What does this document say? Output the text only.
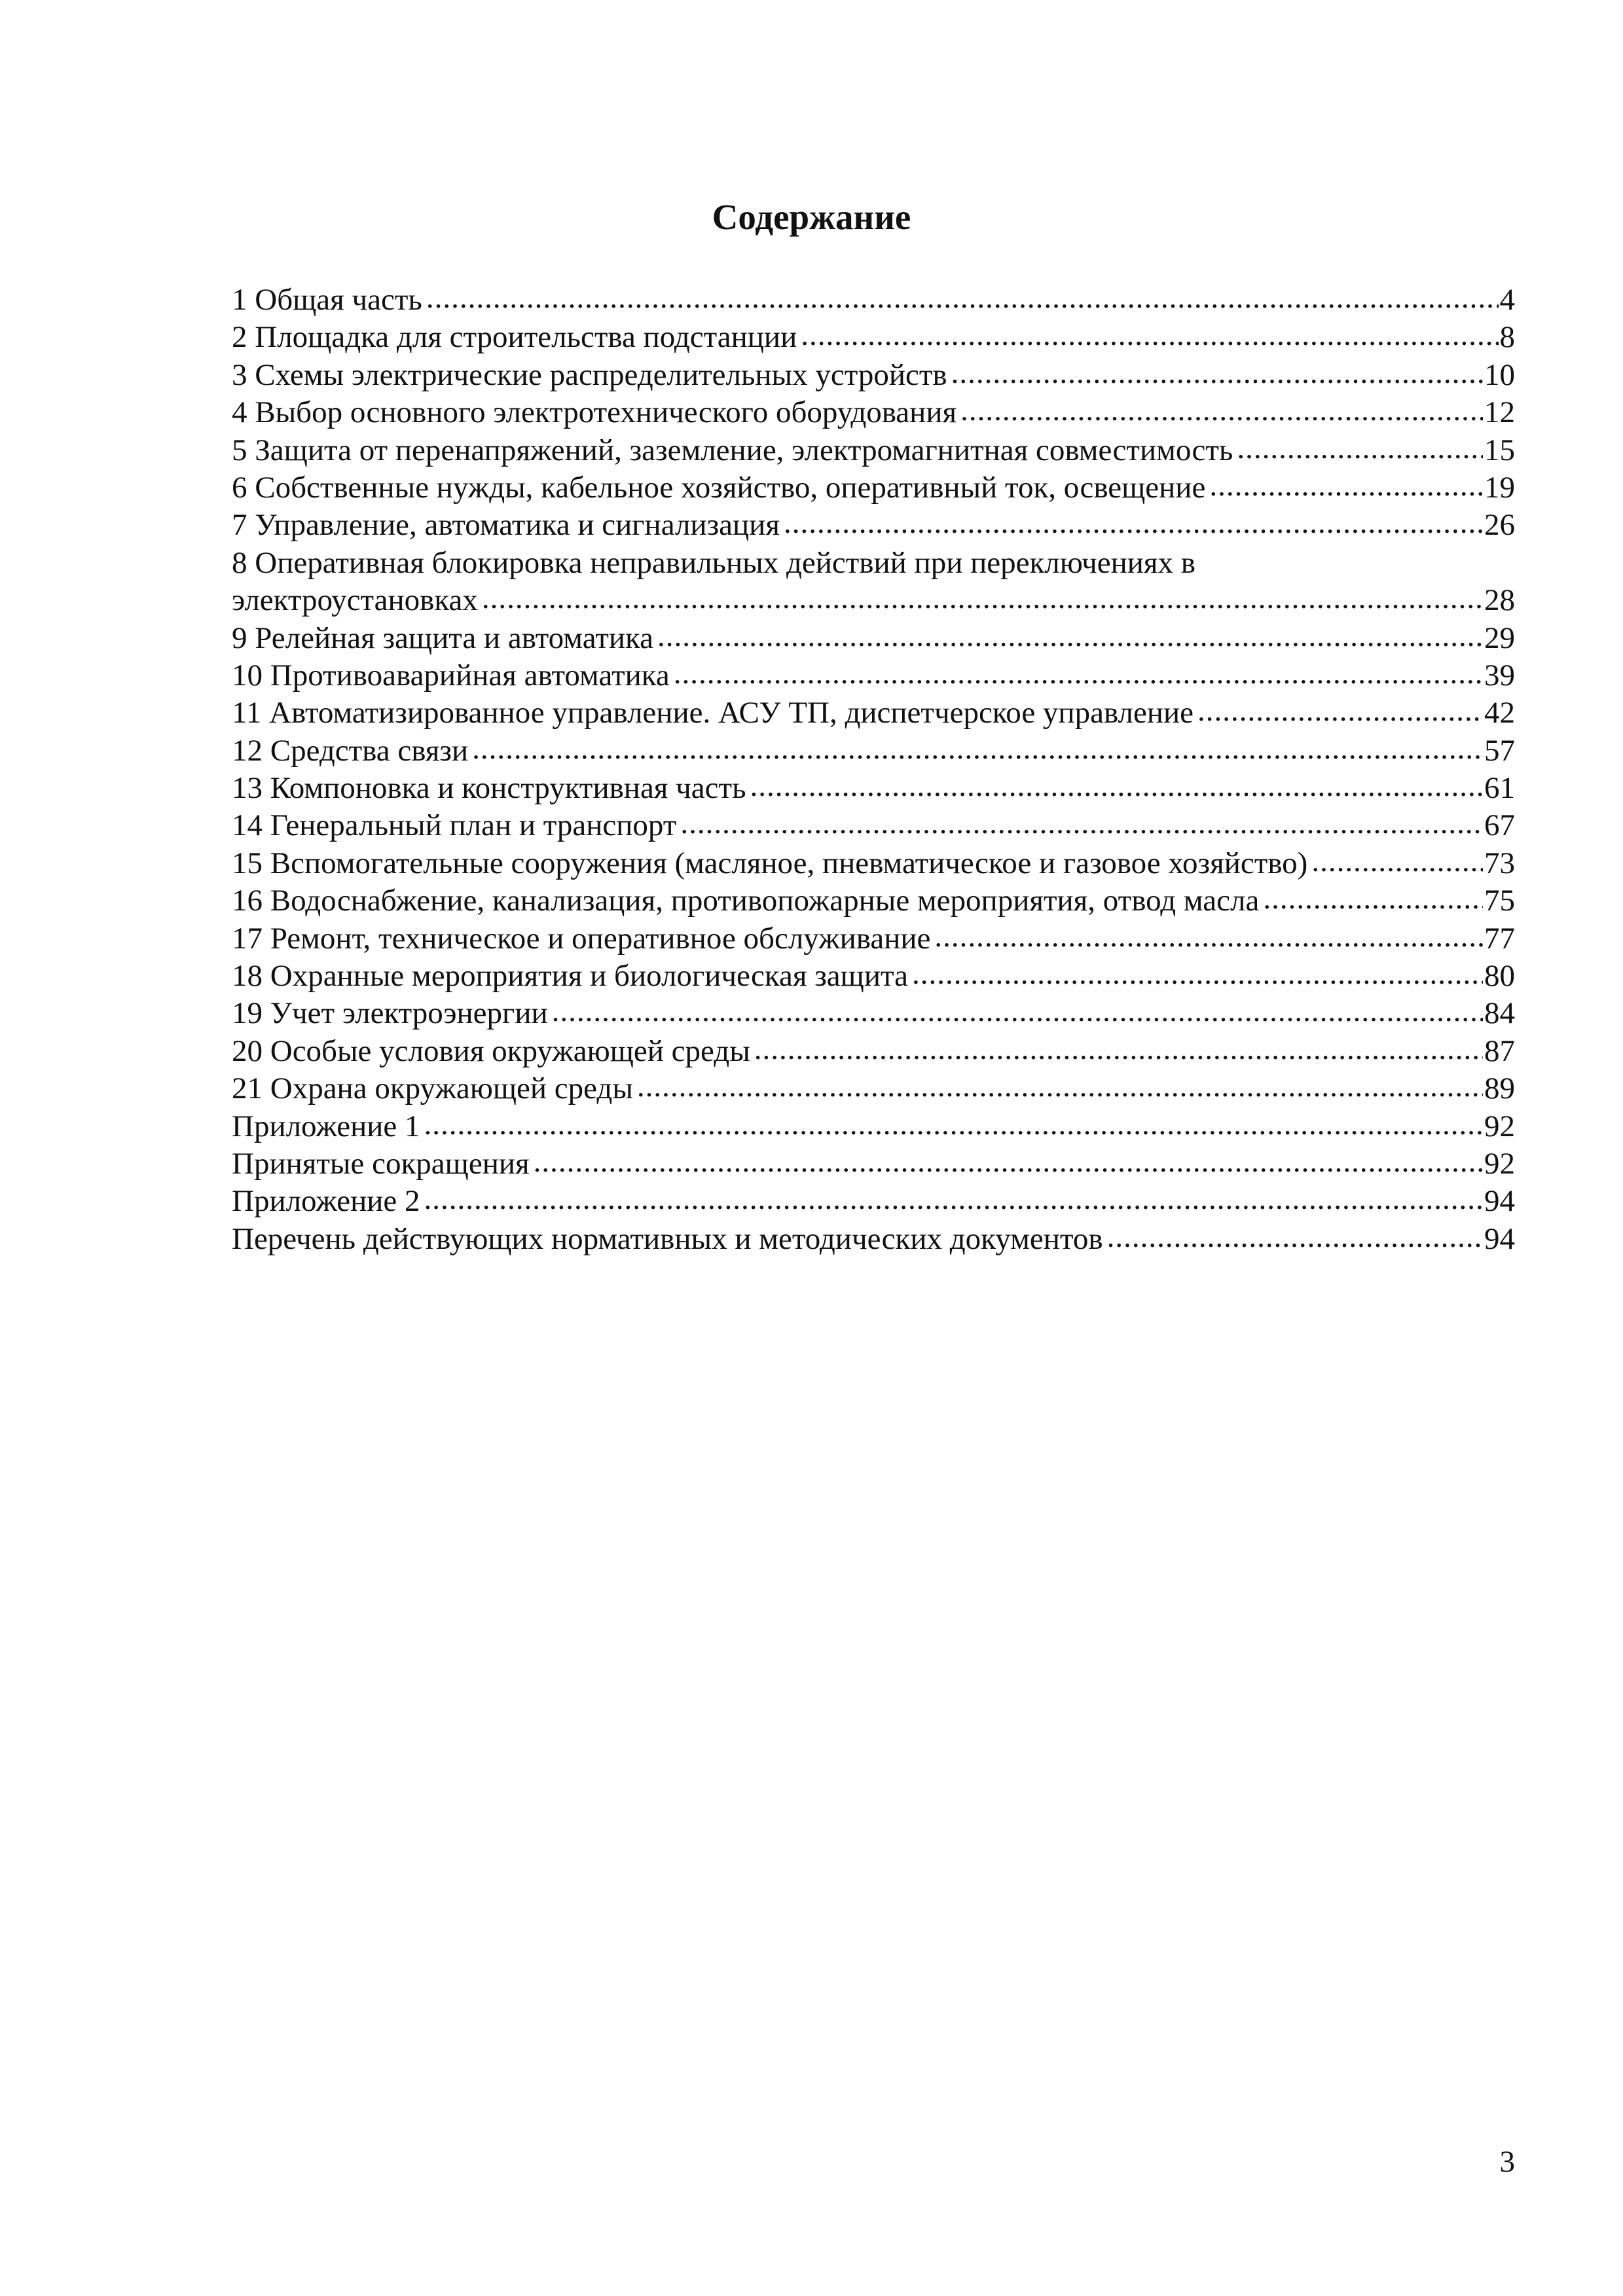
Содержание
1 Общая часть .....	4
2 Площадка для строительства подстанции .....	8
3 Схемы электрические распределительных устройств .....	10
4 Выбор основного электротехнического оборудования .....	12
5 Защита от перенапряжений, заземление, электромагнитная совместимость .....	15
6 Собственные нужды, кабельное хозяйство, оперативный ток, освещение .....	19
7 Управление, автоматика и сигнализация .....	26
8 Оперативная блокировка неправильных действий при переключениях в
электроустановках .....	28
9 Релейная защита и автоматика .....	29
10 Противоаварийная автоматика .....	39
11 Автоматизированное управление. АСУ ТП, диспетчерское управление .....	42
12 Средства связи .....	57
13 Компоновка и конструктивная часть .....	61
14 Генеральный план и транспорт .....	67
15 Вспомогательные сооружения (масляное, пневматическое и газовое хозяйство) .....	73
16 Водоснабжение, канализация, противопожарные мероприятия, отвод масла .....	75
17 Ремонт, техническое и оперативное обслуживание .....	77
18 Охранные мероприятия и биологическая защита .....	80
19 Учет электроэнергии .....	84
20 Особые условия окружающей среды .....	87
21 Охрана окружающей среды .....	89
Приложение 1 .....	92
Принятые сокращения .....	92
Приложение 2 .....	94
Перечень действующих нормативных и методических документов .....	94
3
